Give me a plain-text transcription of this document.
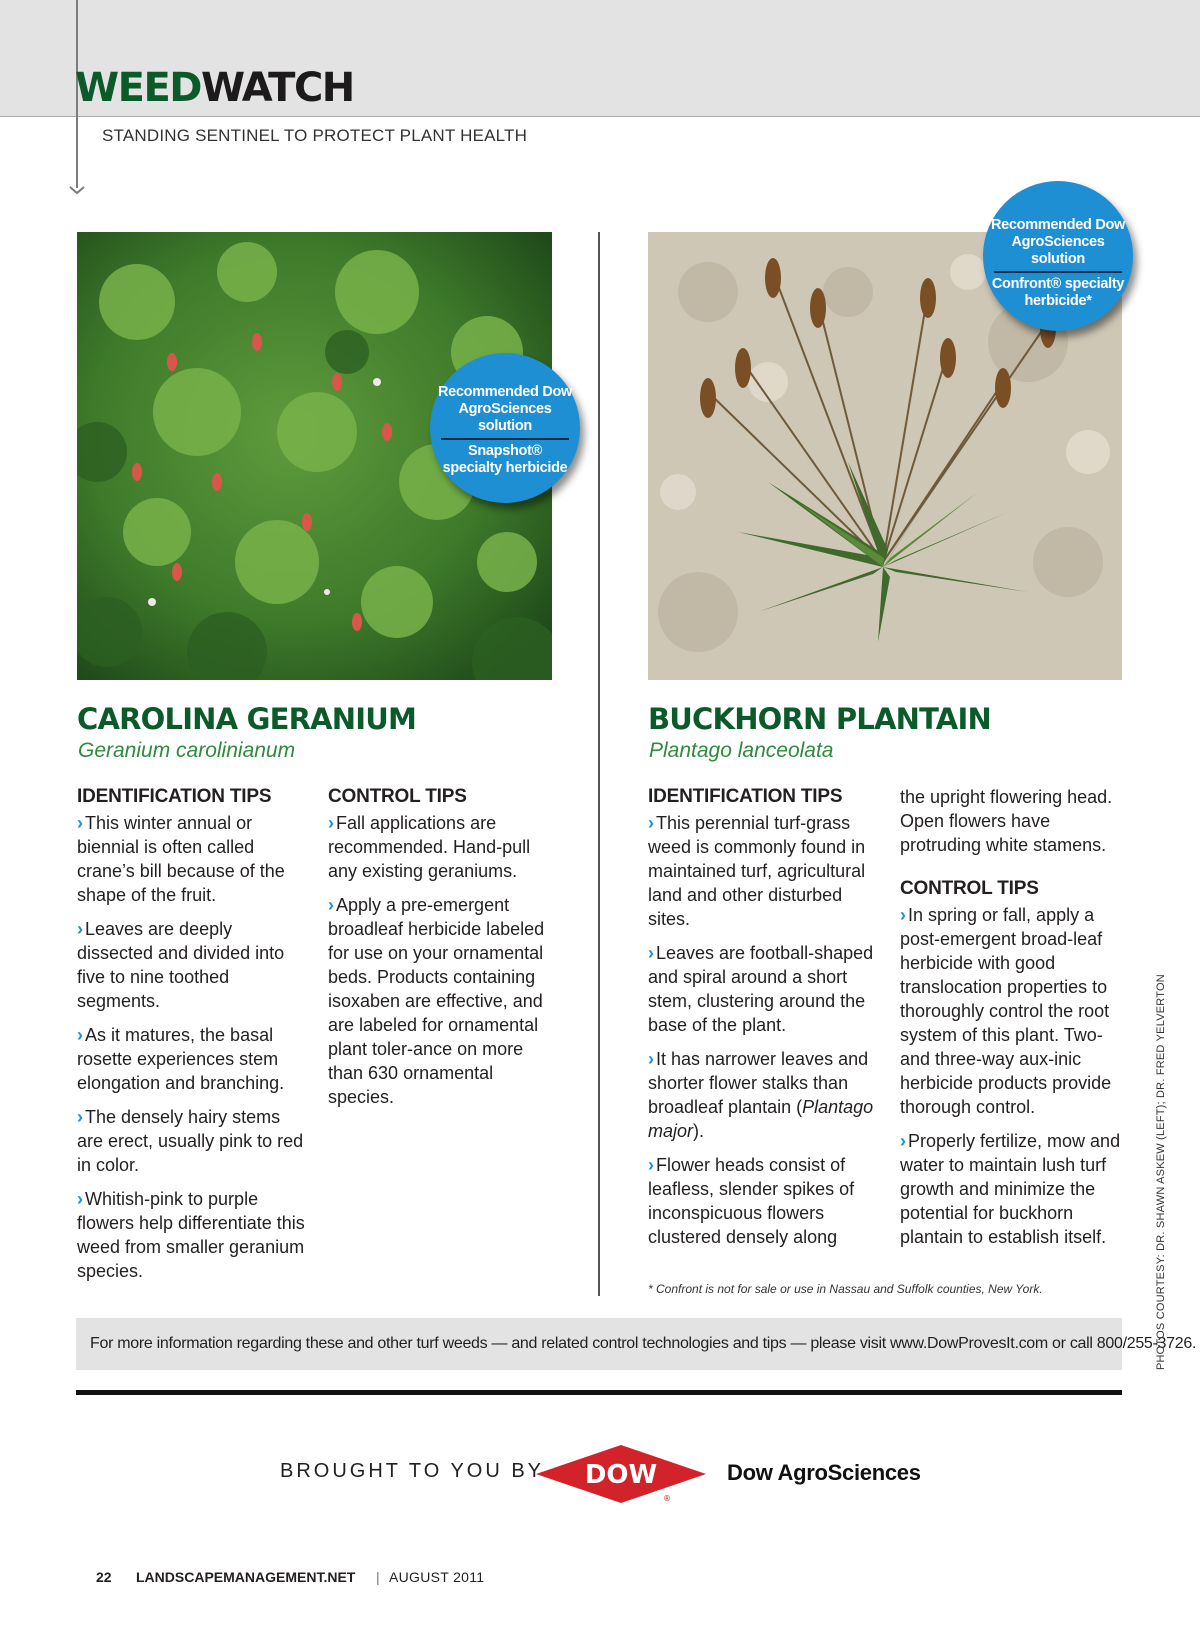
WEEDWATCH
STANDING SENTINEL TO PROTECT PLANT HEALTH
Recommended Dow AgroSciences solution
Snapshot® specialty herbicide
Recommended Dow AgroSciences solution
Confront® specialty herbicide*
CAROLINA GERANIUM
Geranium carolinianum
BUCKHORN PLANTAIN
Plantago lanceolata
IDENTIFICATION TIPS

› This winter annual or biennial is often called crane’s bill because of the shape of the fruit.

› Leaves are deeply dissected and divided into five to nine toothed segments.

› As it matures, the basal rosette experiences stem elongation and branching.

› The densely hairy stems are erect, usually pink to red in color.

› Whitish-pink to purple flowers help differentiate this weed from smaller geranium species.

CONTROL TIPS

› Fall applications are recommended. Hand-pull any existing geraniums.

› Apply a pre-emergent broadleaf herbicide labeled for use on your ornamental beds. Products containing isoxaben are effective, and are labeled for ornamental plant toler-ance on more than 630 ornamental species.

IDENTIFICATION TIPS

› This perennial turf-grass weed is commonly found in maintained turf, agricultural land and other disturbed sites.

› Leaves are football-shaped and spiral around a short stem, clustering around the base of the plant.

› It has narrower leaves and shorter flower stalks than broadleaf plantain (Plantago major).

› Flower heads consist of leafless, slender spikes of inconspicuous flowers clustered densely along

the upright flowering head. Open flowers have protruding white stamens.

CONTROL TIPS

› In spring or fall, apply a post-emergent broad-leaf herbicide with good translocation properties to thoroughly control the root system of this plant. Two- and three-way aux-inic herbicide products provide thorough control.

› Properly fertilize, mow and water to maintain lush turf growth and minimize the potential for buckhorn plantain to establish itself.

* Confront is not for sale or use in Nassau and Suffolk counties, New York.
For more information regarding these and other turf weeds — and related control technologies and tips — please visit www.DowProvesIt.com or call 800/255-3726.
BROUGHT TO YOU BY DOW
®
Dow AgroSciences
PHOTOS COURTESY: DR. SHAWN ASKEW (LEFT); DR. FRED YELVERTON
22 LANDSCAPEMANAGEMENT.NET | AUGUST 2011
